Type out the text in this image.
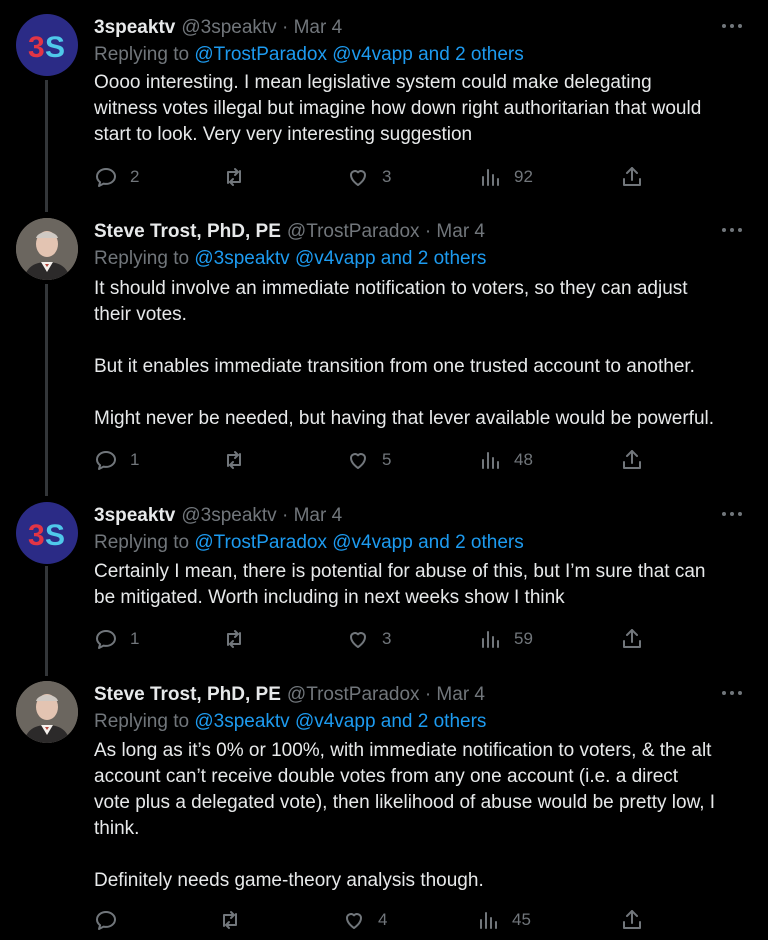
3 S
3speaktv @3speaktv · Mar 4
Replying to @TrostParadox @v4vapp and 2 others
Oooo interesting. I mean legislative system could make delegating
witness votes illegal but imagine how down right authoritarian that would
start to look. Very very interesting suggestion
2	3	92
Steve Trost, PhD, PE @TrostParadox · Mar 4
Replying to @3speaktv @v4vapp and 2 others
It should involve an immediate notification to voters, so they can adjust
their votes.

But it enables immediate transition from one trusted account to another.

Might never be needed, but having that lever available would be powerful.
1	5	48
3 S
3speaktv @3speaktv · Mar 4
Replying to @TrostParadox @v4vapp and 2 others
Certainly I mean, there is potential for abuse of this, but I’m sure that can
be mitigated. Worth including in next weeks show I think
1	3	59
Steve Trost, PhD, PE @TrostParadox · Mar 4
Replying to @3speaktv @v4vapp and 2 others
As long as it’s 0% or 100%, with immediate notification to voters, & the alt
account can’t receive double votes from any one account (i.e. a direct
vote plus a delegated vote), then likelihood of abuse would be pretty low, I
think.

Definitely needs game-theory analysis though.
4	45
